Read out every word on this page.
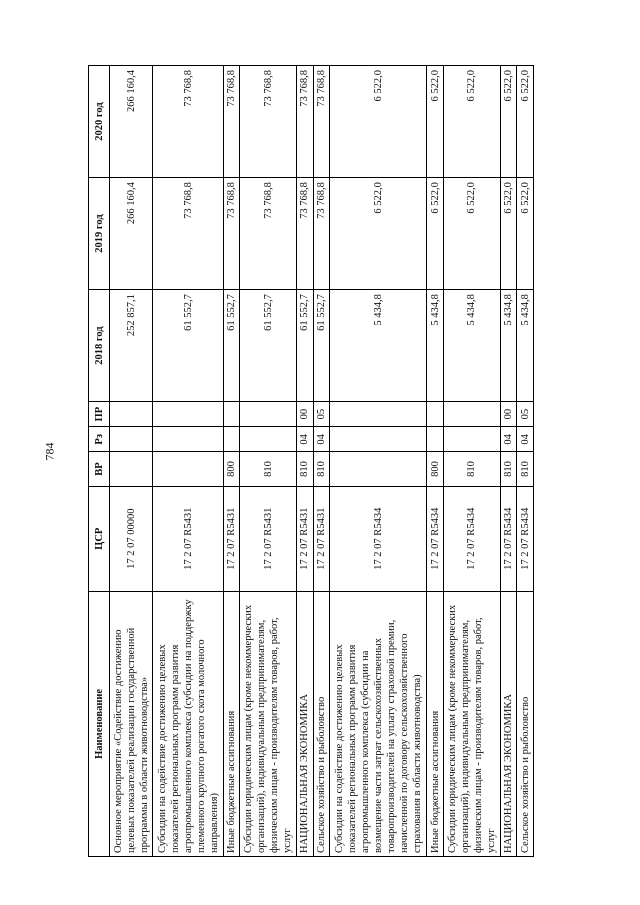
784
Наименование	ЦСР	ВР	Рз	ПР	2018 год	2019 год	2020 год
Основное мероприятие «Содействие достижению целевых показателей реализации государственной программы в области животноводства»	17 2 07 00000				252 857,1	266 160,4	266 160,4
Субсидии на содействие достижению целевых показателей региональных программ развития агропромышленного комплекса (субсидии на поддержку племенного крупного рогатого скота молочного направления)	17 2 07 R5431				61 552,7	73 768,8	73 768,8
Иные бюджетные ассигнования	17 2 07 R5431	800			61 552,7	73 768,8	73 768,8
Субсидии юридическим лицам (кроме некоммерческих организаций), индивидуальным предпринимателям, физическим лицам - производителям товаров, работ, услуг	17 2 07 R5431	810			61 552,7	73 768,8	73 768,8
НАЦИОНАЛЬНАЯ ЭКОНОМИКА	17 2 07 R5431	810	04	00	61 552,7	73 768,8	73 768,8
Сельское хозяйство и рыболовство	17 2 07 R5431	810	04	05	61 552,7	73 768,8	73 768,8
Субсидии на содействие достижению целевых показателей региональных программ развития агропромышленного комплекса (субсидии на возмещение части затрат сельскохозяйственных товаропроизводителей на уплату страховой премии, начисленной по договору сельскохозяйственного страхования в области животноводства)	17 2 07 R5434				5 434,8	6 522,0	6 522,0
Иные бюджетные ассигнования	17 2 07 R5434	800			5 434,8	6 522,0	6 522,0
Субсидии юридическим лицам (кроме некоммерческих организаций), индивидуальным предпринимателям, физическим лицам - производителям товаров, работ, услуг	17 2 07 R5434	810			5 434,8	6 522,0	6 522,0
НАЦИОНАЛЬНАЯ ЭКОНОМИКА	17 2 07 R5434	810	04	00	5 434,8	6 522,0	6 522,0
Сельское хозяйство и рыболовство	17 2 07 R5434	810	04	05	5 434,8	6 522,0	6 522,0
